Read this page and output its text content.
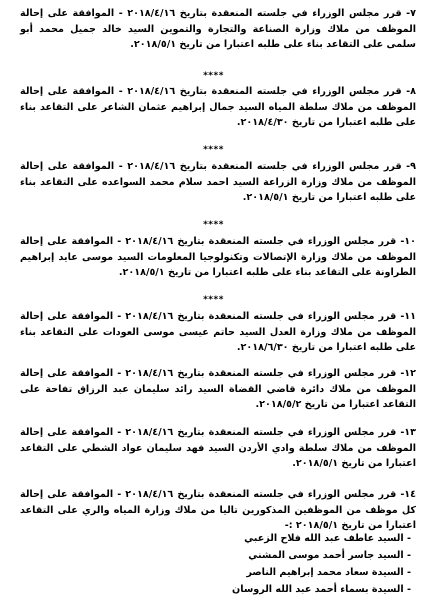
٧- قرر مجلس الوزراء في جلسته المنعقدة بتاريخ ٢٠١٨/٤/١٦ - الموافقة على إحالة الموظف من ملاك وزارة الصناعة والتجارة والتموين السيد خالد جميل محمد أبو سلمى على التقاعد بناء على طلبه اعتبارا من تاريخ ٢٠١٨/٥/١.
****
٨- قرر مجلس الوزراء في جلسته المنعقدة بتاريخ ٢٠١٨/٤/١٦ - الموافقة على إحالة الموظف من ملاك سلطة المياه السيد جمال إبراهيم عثمان الشاعر على التقاعد بناء على طلبه اعتبارا من تاريخ ٢٠١٨/٤/٣٠.
****
٩- قرر مجلس الوزراء في جلسته المنعقدة بتاريخ ٢٠١٨/٤/١٦ - الموافقة على إحالة الموظف من ملاك وزارة الزراعة السيد احمد سلام محمد السواعده على التقاعد بناء على طلبه اعتبارا من تاريخ ٢٠١٨/٥/١.
****
١٠- قرر مجلس الوزراء في جلسته المنعقدة بتاريخ ٢٠١٨/٤/١٦ - الموافقة على إحالة الموظف من ملاك وزارة الإتصالات وتكنولوجيا المعلومات السيد موسى عايد إبراهيم الطراونة على التقاعد بناء على طلبه اعتبارا من تاريخ ٢٠١٨/٥/١.
****
١١- قرر مجلس الوزراء في جلسته المنعقدة بتاريخ ٢٠١٨/٤/١٦ - الموافقة على إحالة الموظف من ملاك وزارة العدل السيد حاتم عيسى موسى العودات على التقاعد بناء على طلبه اعتبارا من تاريخ ٢٠١٨/٦/٣٠.
١٢- قرر مجلس الوزراء في جلسته المنعقدة بتاريخ ٢٠١٨/٤/١٦ - الموافقة على إحالة الموظف من ملاك دائرة قاضي القضاة السيد رائد سليمان عبد الرزاق تفاحة على التقاعد اعتبارا من تاريخ ٢٠١٨/٥/٢.
١٣- قرر مجلس الوزراء في جلسته المنعقدة بتاريخ ٢٠١٨/٤/١٦ - الموافقة على إحالة الموظف من ملاك سلطة وادي الأردن السيد فهد سليمان عواد الشطي على التقاعد اعتبارا من تاريخ ٢٠١٨/٥/١.
١٤- قرر مجلس الوزراء في جلسته المنعقدة بتاريخ ٢٠١٨/٤/١٦ - الموافقة على إحالة كل موظف من الموظفين المذكورين تاليا من ملاك وزارة المياه والري على التقاعد اعتبارا من تاريخ ٢٠١٨/٥/١ :-
- السيد عاطف عبد الله فلاح الزعبي
- السيد جاسر أحمد موسى المشني
- السيدة سعاد محمد إبراهيم الناصر
- السيدة بسماء أحمد عبد الله الروسان
